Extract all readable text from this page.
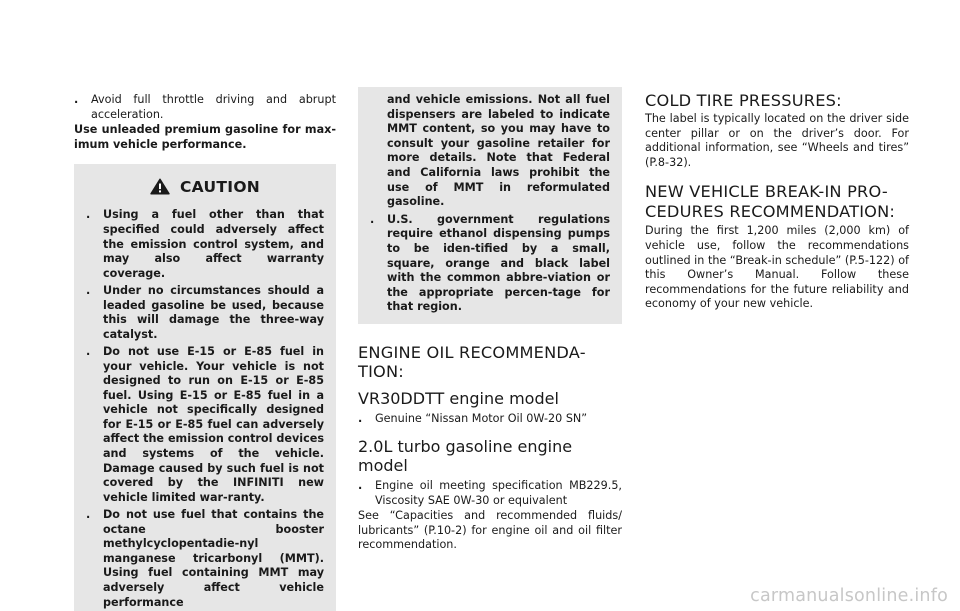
. Avoid full throttle driving and abrupt acceleration.

Use unleaded premium gasoline for max-imum vehicle performance.

CAUTION
. Using a fuel other than that specified could adversely affect the emission control system, and may also affect warranty coverage.
. Under no circumstances should a leaded gasoline be used, because this will damage the three-way catalyst.
. Do not use E-15 or E-85 fuel in your vehicle. Your vehicle is not designed to run on E-15 or E-85 fuel. Using E-15 or E-85 fuel in a vehicle not specifically designed for E-15 or E-85 fuel can adversely affect the emission control devices and systems of the vehicle. Damage caused by such fuel is not covered by the INFINITI new vehicle limited war-ranty.
. Do not use fuel that contains the octane booster methylcyclopentadie-nyl manganese tricarbonyl (MMT). Using fuel containing MMT may adversely affect vehicle performance
and vehicle emissions. Not all fuel dispensers are labeled to indicate MMT content, so you may have to consult your gasoline retailer for more details. Note that Federal and California laws prohibit the use of MMT in reformulated gasoline.
. U.S. government regulations require ethanol dispensing pumps to be iden-tified by a small, square, orange and black label with the common abbre-viation or the appropriate percen-tage for that region.
ENGINE OIL RECOMMENDA-
TION:
VR30DDTT engine model
. Genuine “Nissan Motor Oil 0W-20 SN”
2.0L turbo gasoline engine model
. Engine oil meeting specification MB229.5, Viscosity SAE 0W-30 or equivalent

See “Capacities and recommended fluids/ lubricants” (P.10-2) for engine oil and oil filter recommendation.

COLD TIRE PRESSURES:

The label is typically located on the driver side center pillar or on the driver’s door. For additional information, see “Wheels and tires” (P.8-32).

NEW VEHICLE BREAK-IN PRO-
CEDURES RECOMMENDATION:

During the first 1,200 miles (2,000 km) of vehicle use, follow the recommendations outlined in the “Break-in schedule” (P.5-122) of this Owner’s Manual. Follow these recommendations for the future reliability and economy of your new vehicle.

carmanualsonline.info
